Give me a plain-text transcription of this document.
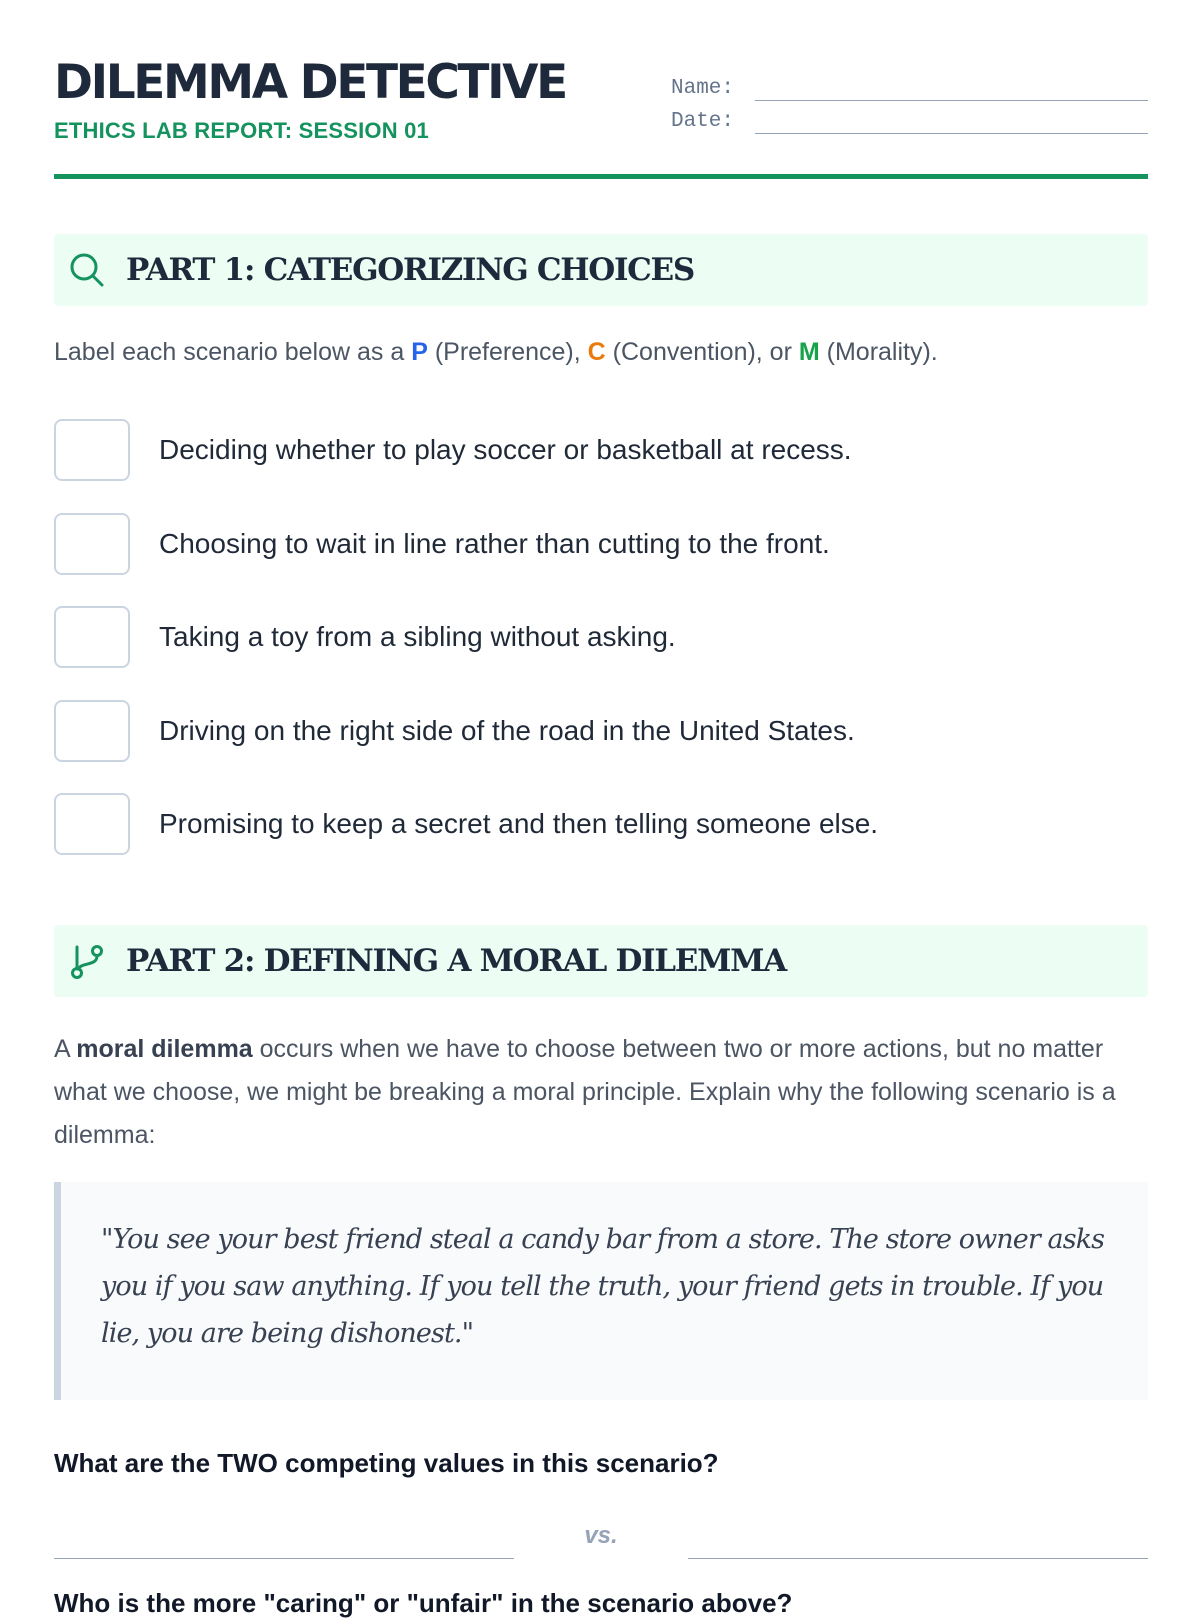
DILEMMA DETECTIVE
ETHICS LAB REPORT: SESSION 01
Name:
Date:
PART 1: CATEGORIZING CHOICES
Label each scenario below as a P (Preference), C (Convention), or M (Morality).
Deciding whether to play soccer or basketball at recess.
Choosing to wait in line rather than cutting to the front.
Taking a toy from a sibling without asking.
Driving on the right side of the road in the United States.
Promising to keep a secret and then telling someone else.
PART 2: DEFINING A MORAL DILEMMA
A moral dilemma occurs when we have to choose between two or more actions, but no matter what we choose, we might be breaking a moral principle. Explain why the following scenario is a dilemma:
"You see your best friend steal a candy bar from a store. The store owner asks you if you saw anything. If you tell the truth, your friend gets in trouble. If you lie, you are being dishonest."
What are the TWO competing values in this scenario?
vs.
Who is the more "caring" or "unfair" in the scenario above?
